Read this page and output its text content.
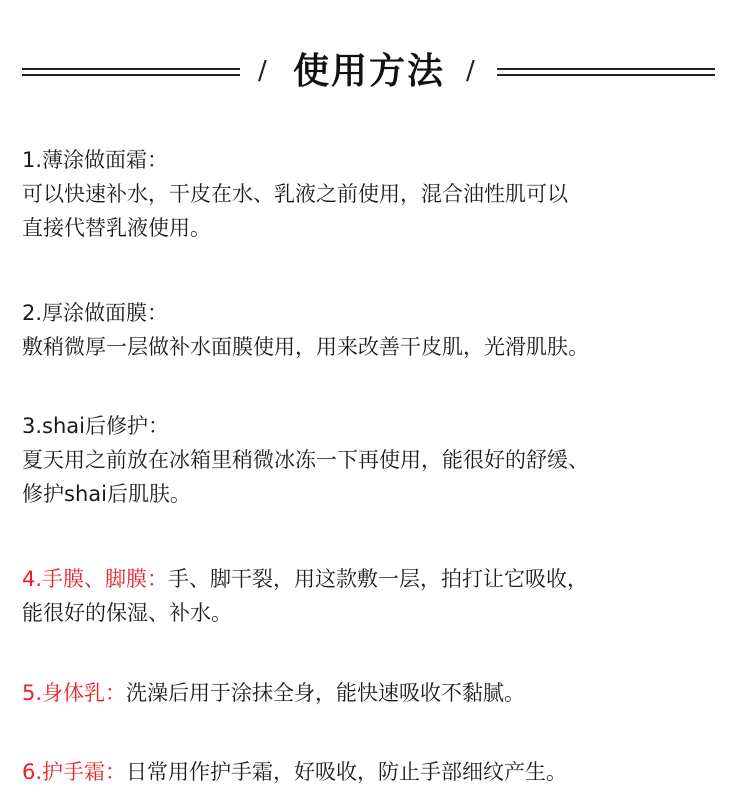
/ 使用方法 /
1.薄涂做面霜：
可以快速补水，干皮在水、乳液之前使用，混合油性肌可以
直接代替乳液使用。
2.厚涂做面膜：
敷稍微厚一层做补水面膜使用，用来改善干皮肌，光滑肌肤。
3.shai后修护：
夏天用之前放在冰箱里稍微冰冻一下再使用，能很好的舒缓、
修护shai后肌肤。
4.手膜、脚膜：手、脚干裂，用这款敷一层，拍打让它吸收，
能很好的保湿、补水。
5.身体乳：洗澡后用于涂抹全身，能快速吸收不黏腻。
6.护手霜：日常用作护手霜，好吸收，防止手部细纹产生。
